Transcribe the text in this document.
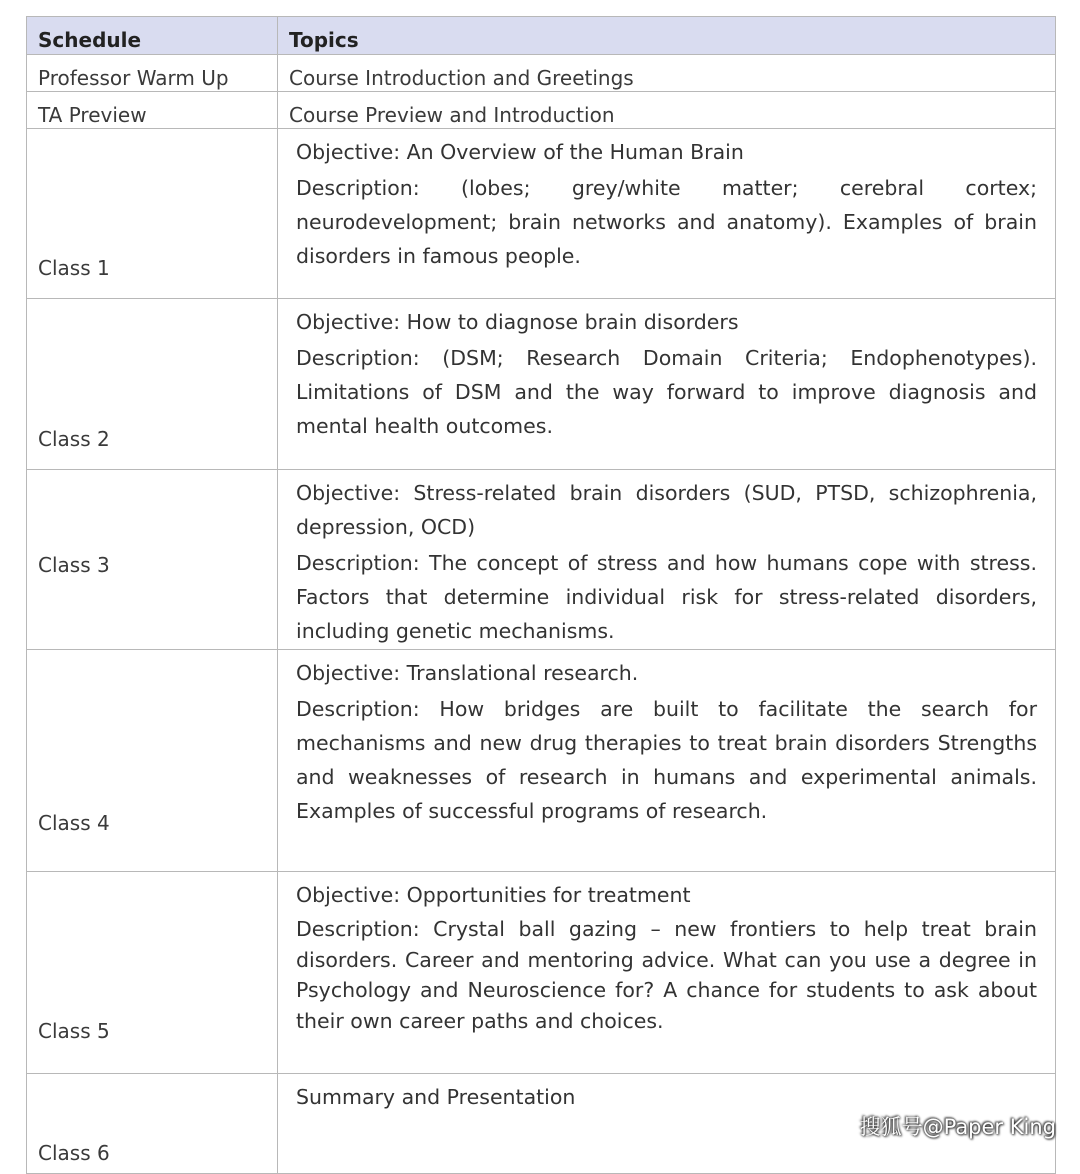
Schedule	Topics
Professor Warm Up	Course Introduction and Greetings
TA Preview	Course Preview and Introduction

Class 1	Objective: An Overview of the Human Brain
Description: (lobes; grey/white matter; cerebral cortex; neurodevelopment; brain networks and anatomy). Examples of brain disorders in famous people.

Class 2	Objective: How to diagnose brain disorders
Description: (DSM; Research Domain Criteria; Endophenotypes). Limitations of DSM and the way forward to improve diagnosis and mental health outcomes.

Class 3	Objective: Stress-related brain disorders (SUD, PTSD, schizophrenia, depression, OCD)
Description: The concept of stress and how humans cope with stress. Factors that determine individual risk for stress-related disorders, including genetic mechanisms.

Class 4	Objective: Translational research.
Description: How bridges are built to facilitate the search for mechanisms and new drug therapies to treat brain disorders Strengths and weaknesses of research in humans and experimental animals. Examples of successful programs of research.

Class 5	Objective: Opportunities for treatment
Description: Crystal ball gazing – new frontiers to help treat brain disorders. Career and mentoring advice. What can you use a degree in Psychology and Neuroscience for? A chance for students to ask about their own career paths and choices.

Class 6	Summary and Presentation
搜狐号@Paper King
